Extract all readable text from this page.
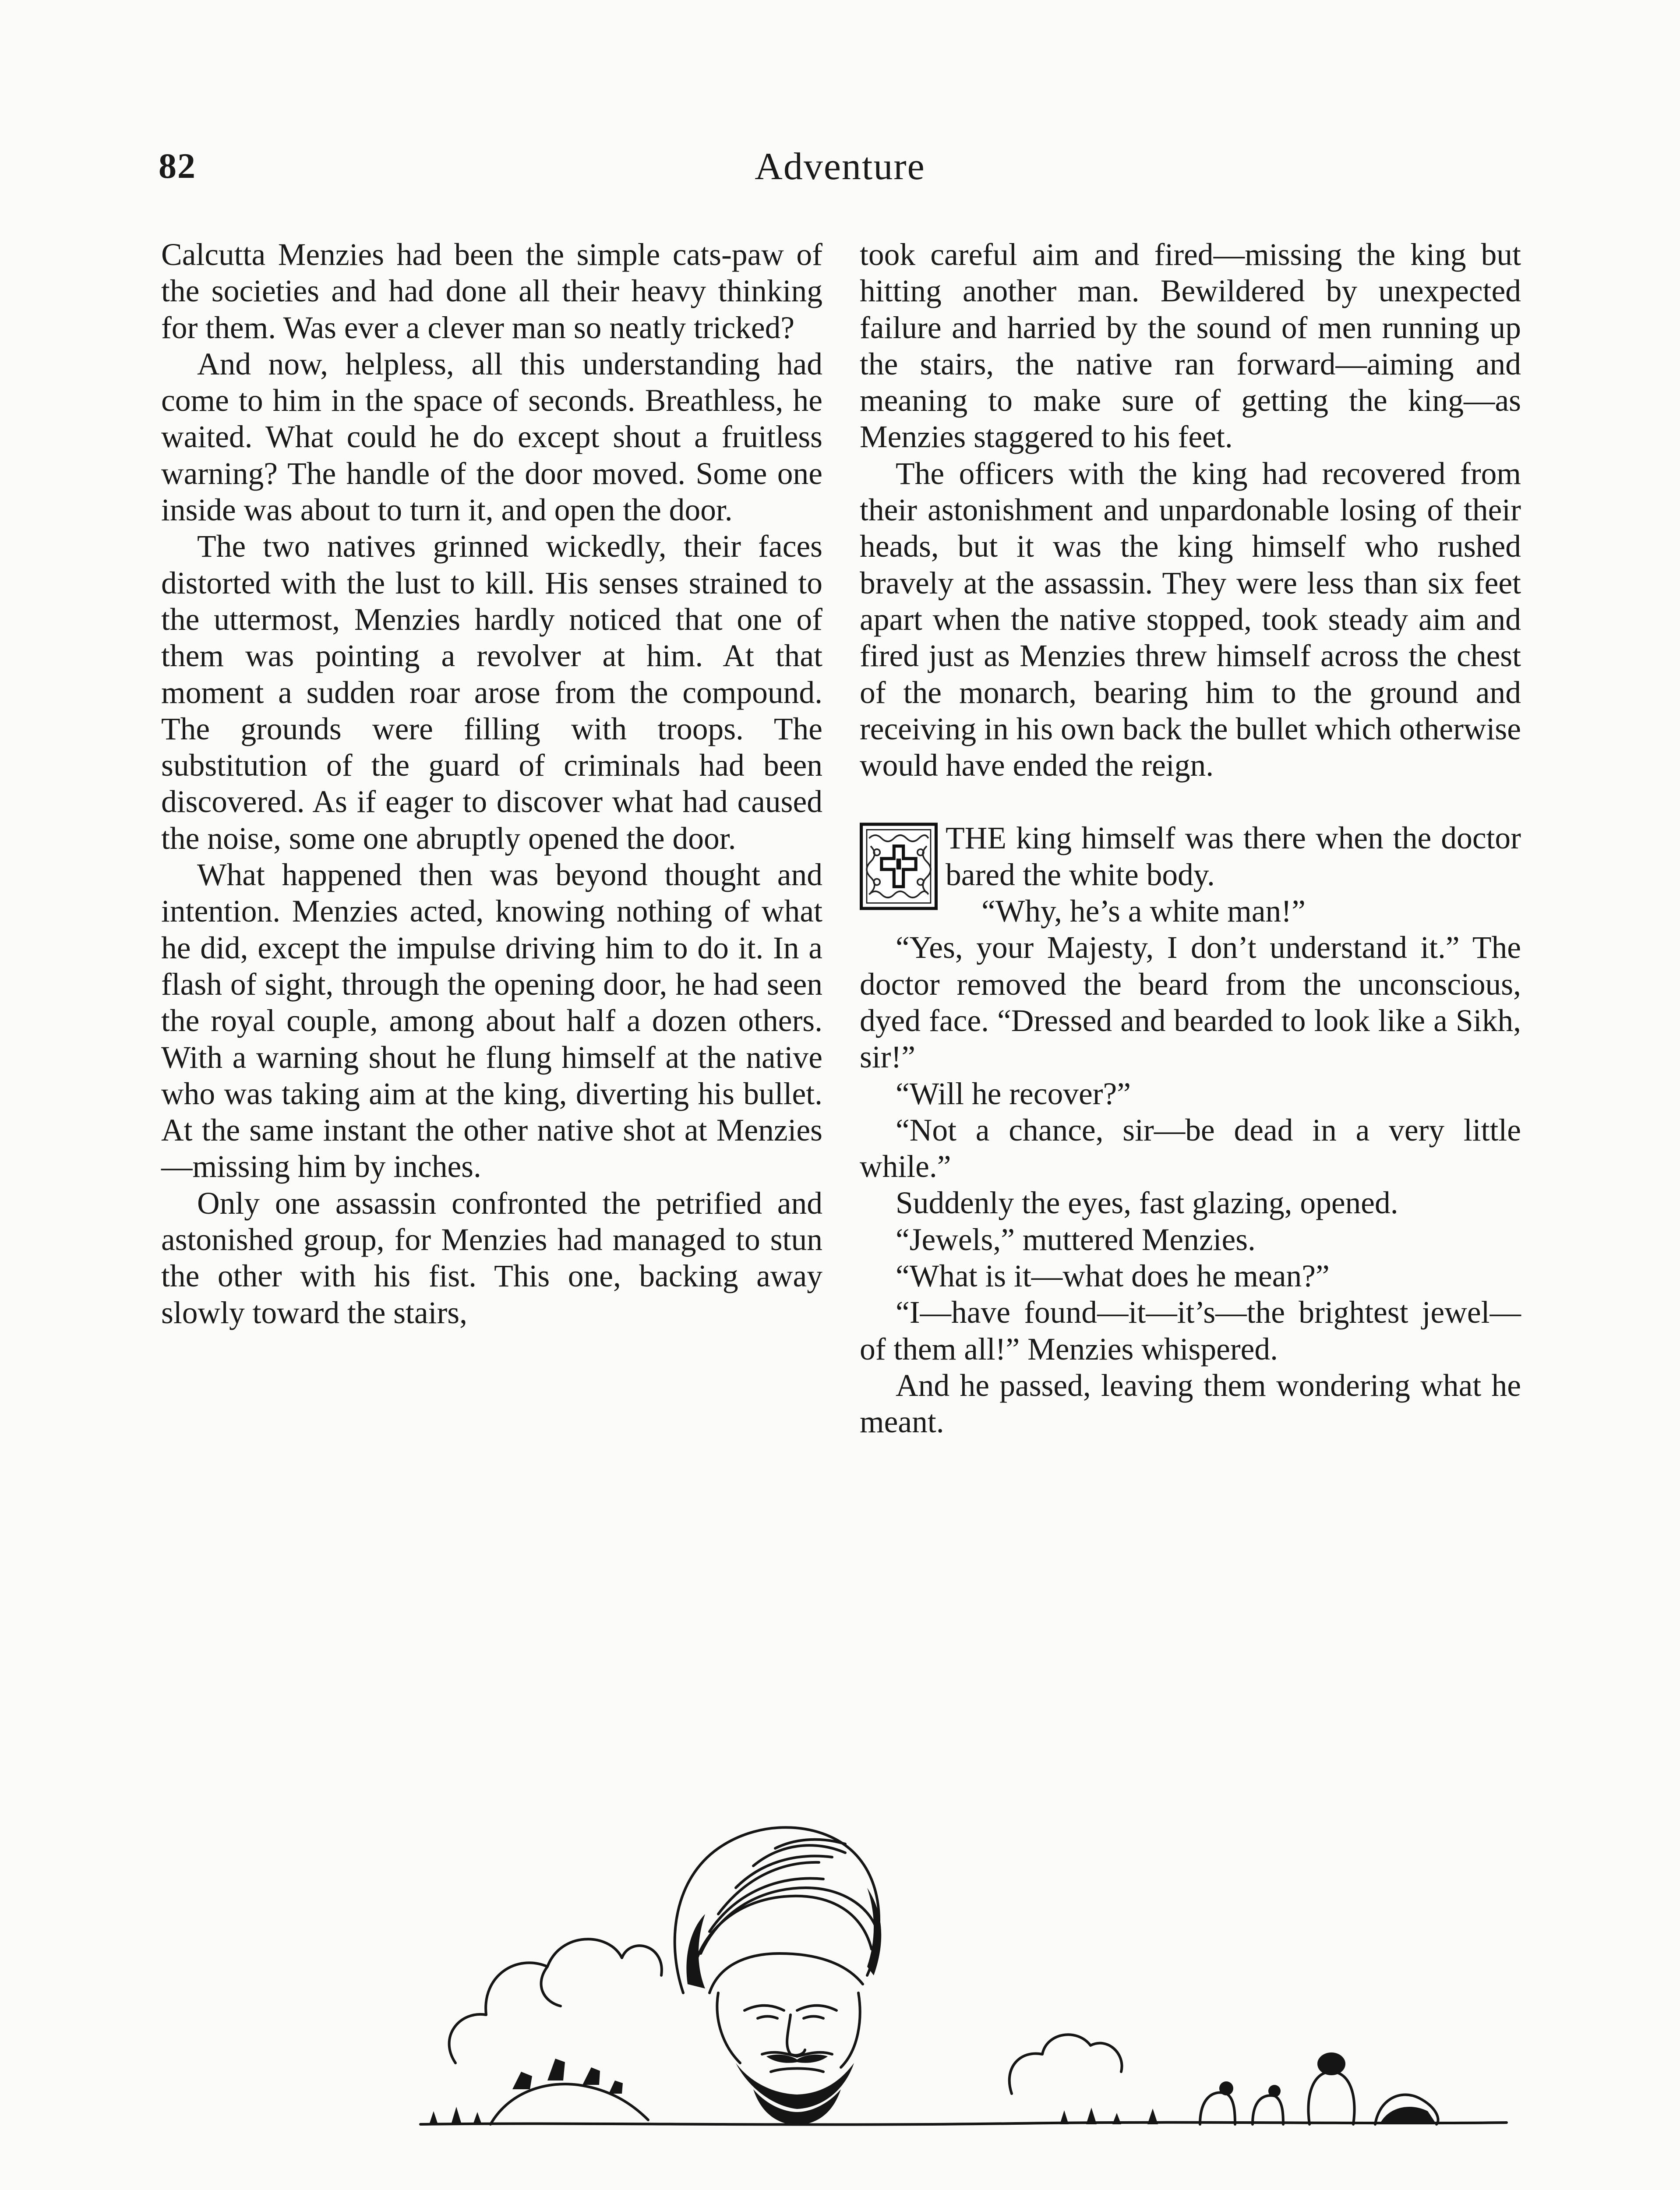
82	Adventure

Calcutta Menzies had been the simple cats-paw of the societies and had done all their heavy thinking for them. Was ever a clever man so neatly tricked?

And now, helpless, all this understanding had come to him in the space of seconds. Breathless, he waited. What could he do except shout a fruitless warning? The handle of the door moved. Some one inside was about to turn it, and open the door.

The two natives grinned wickedly, their faces distorted with the lust to kill. His senses strained to the uttermost, Menzies hardly noticed that one of them was pointing a revolver at him. At that moment a sudden roar arose from the compound. The grounds were filling with troops. The substitution of the guard of criminals had been discovered. As if eager to discover what had caused the noise, some one abruptly opened the door.

What happened then was beyond thought and intention. Menzies acted, knowing nothing of what he did, except the impulse driving him to do it. In a flash of sight, through the opening door, he had seen the royal couple, among about half a dozen others. With a warning shout he flung himself at the native who was taking aim at the king, diverting his bullet. At the same instant the other native shot at Menzies—missing him by inches.

Only one assassin confronted the petrified and astonished group, for Menzies had managed to stun the other with his fist. This one, backing away slowly toward the stairs,

took careful aim and fired—missing the king but hitting another man. Bewildered by unexpected failure and harried by the sound of men running up the stairs, the native ran forward—aiming and meaning to make sure of getting the king—as Menzies staggered to his feet.

The officers with the king had recovered from their astonishment and unpardonable losing of their heads, but it was the king himself who rushed bravely at the assassin. They were less than six feet apart when the native stopped, took steady aim and fired just as Menzies threw himself across the chest of the monarch, bearing him to the ground and receiving in his own back the bullet which otherwise would have ended the reign.

THE king himself was there when the doctor bared the white body.

“Why, he’s a white man!”

“Yes, your Majesty, I don’t understand it.” The doctor removed the beard from the unconscious, dyed face. “Dressed and bearded to look like a Sikh, sir!”

“Will he recover?”

“Not a chance, sir—be dead in a very little while.”

Suddenly the eyes, fast glazing, opened.

“Jewels,” muttered Menzies.

“What is it—what does he mean?”

“I—have found—it—it’s—the brightest jewel—of them all!” Menzies whispered.

And he passed, leaving them wondering what he meant.
